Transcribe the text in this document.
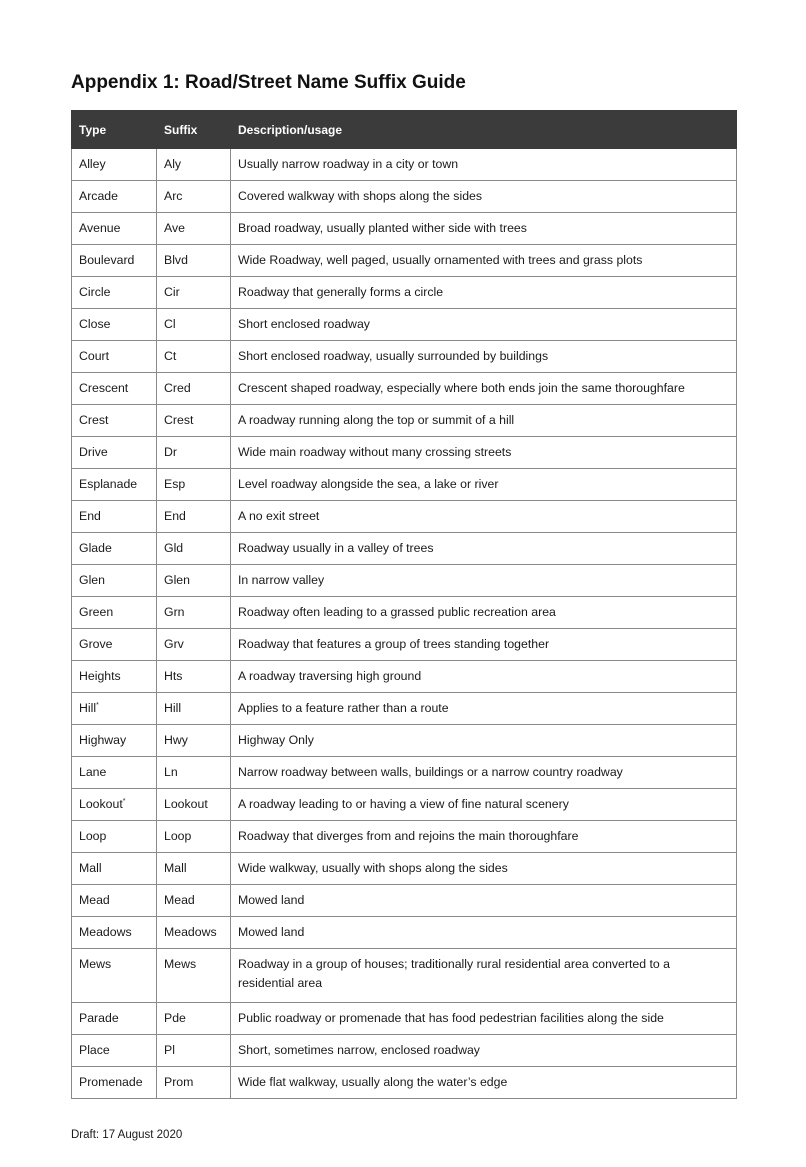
Appendix 1: Road/Street Name Suffix Guide
Type	Suffix	Description/usage
Alley	Aly	Usually narrow roadway in a city or town
Arcade	Arc	Covered walkway with shops along the sides
Avenue	Ave	Broad roadway, usually planted wither side with trees
Boulevard	Blvd	Wide Roadway, well paged, usually ornamented with trees and grass plots
Circle	Cir	Roadway that generally forms a circle
Close	Cl	Short enclosed roadway
Court	Ct	Short enclosed roadway, usually surrounded by buildings
Crescent	Cred	Crescent shaped roadway, especially where both ends join the same thoroughfare
Crest	Crest	A roadway running along the top or summit of a hill
Drive	Dr	Wide main roadway without many crossing streets
Esplanade	Esp	Level roadway alongside the sea, a lake or river
End	End	A no exit street
Glade	Gld	Roadway usually in a valley of trees
Glen	Glen	In narrow valley
Green	Grn	Roadway often leading to a grassed public recreation area
Grove	Grv	Roadway that features a group of trees standing together
Heights	Hts	A roadway traversing high ground
Hill*	Hill	Applies to a feature rather than a route
Highway	Hwy	Highway Only
Lane	Ln	Narrow roadway between walls, buildings or a narrow country roadway
Lookout*	Lookout	A roadway leading to or having a view of fine natural scenery
Loop	Loop	Roadway that diverges from and rejoins the main thoroughfare
Mall	Mall	Wide walkway, usually with shops along the sides
Mead	Mead	Mowed land
Meadows	Meadows	Mowed land
Mews	Mews	Roadway in a group of houses; traditionally rural residential area converted to a residential area
Parade	Pde	Public roadway or promenade that has food pedestrian facilities along the side
Place	Pl	Short, sometimes narrow, enclosed roadway
Promenade	Prom	Wide flat walkway, usually along the water’s edge
Draft: 17 August 2020
